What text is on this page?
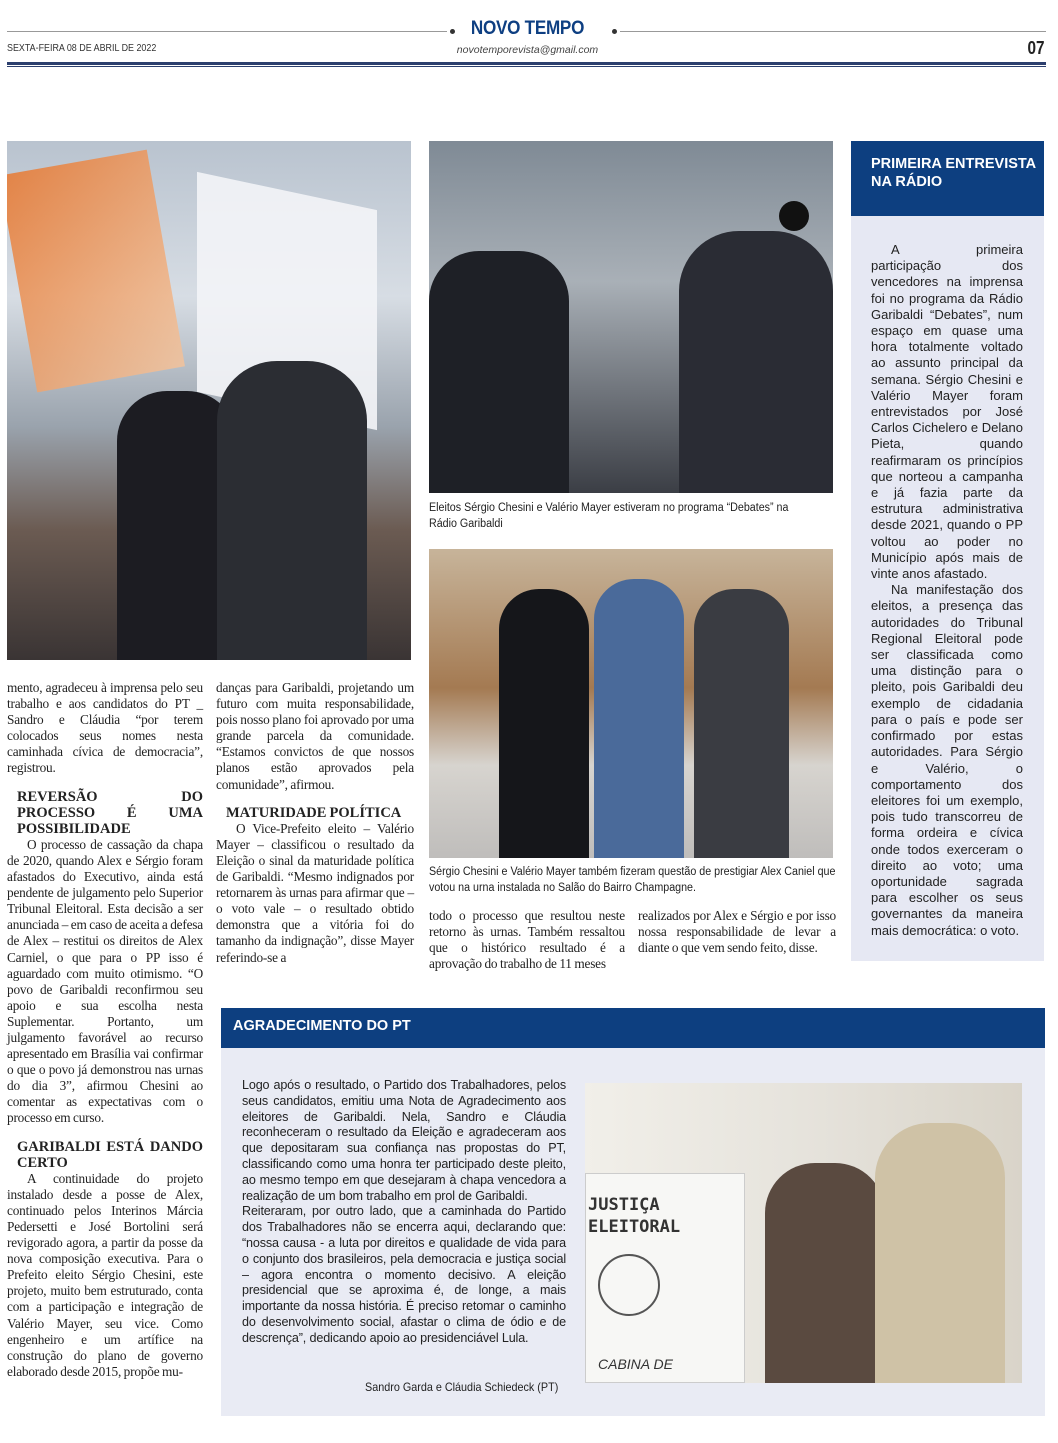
NOVO TEMPO
SEXTA-FEIRA 08 DE ABRIL DE 2022	novotemporevista@gmail.com	07
Eleitos Sérgio Chesini e Valério Mayer estiveram no programa “Debates” na Rádio Garibaldi
Sérgio Chesini e Valério Mayer também fizeram questão de prestigiar Alex Caniel que votou na urna instalada no Salão do Bairro Champagne.

mento, agradeceu à imprensa pelo seu trabalho e aos candidatos do PT _ Sandro e Cláudia “por terem colocados seus nomes nesta caminhada cívica de democracia”, registrou.

REVERSÃO DO PROCESSO É UMA POSSIBILIDADE

O processo de cassação da chapa de 2020, quando Alex e Sérgio foram afastados do Executivo, ainda está pendente de julgamento pelo Superior Tribunal Eleitoral. Esta decisão a ser anunciada – em caso de aceita a defesa de Alex – restitui os direitos de Alex Carniel, o que para o PP isso é aguardado com muito otimismo. “O povo de Garibaldi reconfirmou seu apoio e sua escolha nesta Suplementar. Portanto, um julgamento favorável ao recurso apresentado em Brasília vai confirmar o que o povo já demonstrou nas urnas do dia 3”, afirmou Chesini ao comentar as expectativas com o processo em curso.

GARIBALDI ESTÁ DANDO CERTO

A continuidade do projeto instalado desde a posse de Alex, continuado pelos Interinos Márcia Pedersetti e José Bortolini será revigorado agora, a partir da posse da nova composição executiva. Para o Prefeito eleito Sérgio Chesini, este projeto, muito bem estruturado, conta com a participação e integração de Valério Mayer, seu vice. Como engenheiro e um artífice na construção do plano de governo elaborado desde 2015, propõe mu-

danças para Garibaldi, projetando um futuro com muita responsabilidade, pois nosso plano foi aprovado por uma grande parcela da comunidade. “Estamos convictos de que nossos planos estão aprovados pela comunidade”, afirmou.

MATURIDADE POLÍTICA

O Vice-Prefeito eleito – Valério Mayer – classificou o resultado da Eleição o sinal da maturidade política de Garibaldi. “Mesmo indignados por retornarem às urnas para afirmar que – o voto vale – o resultado obtido demonstra que a vitória foi do tamanho da indignação”, disse Mayer referindo-se a

todo o processo que resultou neste retorno às urnas. Também ressaltou que o histórico resultado é a aprovação do trabalho de 11 meses

realizados por Alex e Sérgio e por isso nossa responsabilidade de levar a diante o que vem sendo feito, disse.

PRIMEIRA ENTREVISTA NA RÁDIO

A primeira participação dos vencedores na imprensa foi no programa da Rádio Garibaldi “Debates”, num espaço em quase uma hora totalmente voltado ao assunto principal da semana. Sérgio Chesini e Valério Mayer foram entrevistados por José Carlos Cichelero e Delano Pieta, quando reafirmaram os princípios que norteou a campanha e já fazia parte da estrutura administrativa desde 2021, quando o PP voltou ao poder no Município após mais de vinte anos afastado.

Na manifestação dos eleitos, a presença das autoridades do Tribunal Regional Eleitoral pode ser classificada como uma distinção para o pleito, pois Garibaldi deu exemplo de cidadania para o país e pode ser confirmado por estas autoridades. Para Sérgio e Valério, o comportamento dos eleitores foi um exemplo, pois tudo transcorreu de forma ordeira e cívica onde todos exerceram o direito ao voto; uma oportunidade sagrada para escolher os seus governantes da maneira mais democrática: o voto.

AGRADECIMENTO DO PT

Logo após o resultado, o Partido dos Trabalhadores, pelos seus candidatos, emitiu uma Nota de Agradecimento aos eleitores de Garibaldi. Nela, Sandro e Cláudia reconheceram o resultado da Eleição e agradeceram aos que depositaram sua confiança nas propostas do PT, classificando como uma honra ter participado deste pleito, ao mesmo tempo em que desejaram à chapa vencedora a realização de um bom trabalho em prol de Garibaldi.

Reiteraram, por outro lado, que a caminhada do Partido dos Trabalhadores não se encerra aqui, declarando que: “nossa causa - a luta por direitos e qualidade de vida para o conjunto dos brasileiros, pela democracia e justiça social – agora encontra o momento decisivo. A eleição presidencial que se aproxima é, de longe, a mais importante da nossa história. É preciso retomar o caminho do desenvolvimento social, afastar o clima de ódio e de descrença”, dedicando apoio ao presidenciável Lula.

Sandro Garda e Cláudia Schiedeck (PT)
JUSTIÇA ELEITORAL
CABINA DE
